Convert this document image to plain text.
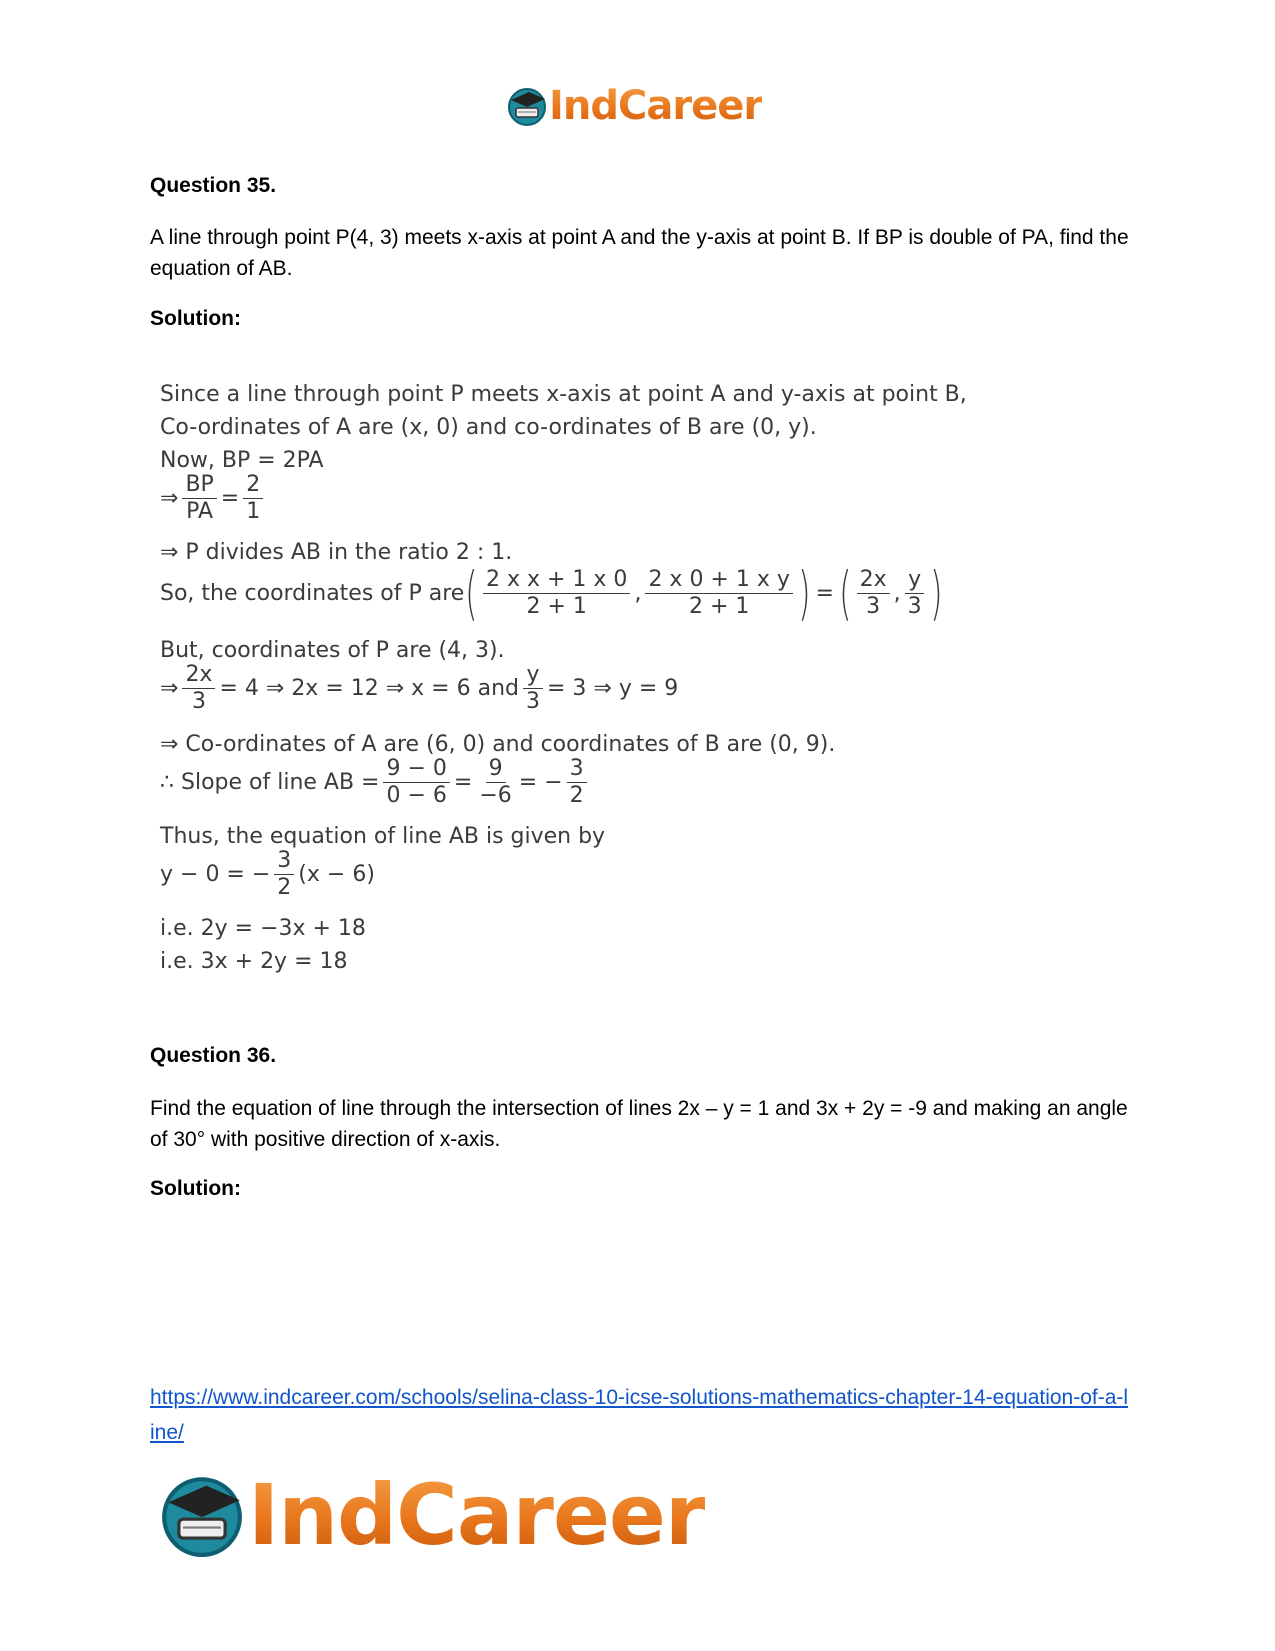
IndCareer

Question 35.

A line through point P(4, 3) meets x-axis at point A and the y-axis at point B. If BP is double of PA, find the equation of AB.

Solution:

Since a line through point P meets x-axis at point A and y-axis at point B,
Co-ordinates of A are (x, 0) and co-ordinates of B are (0, y).
Now, BP = 2PA
⇒ $\frac{BP}{PA} = \frac{2}{1}$
⇒ P divides AB in the ratio 2 : 1.
So, the coordinates of P are ( $\frac{\text{2 x x + 1 x 0}}{2 + 1}$ , $\frac{\text{2 x 0 + 1 x y}}{2 + 1}$ ) = ( $\frac{2x}{3}$ , $\frac{y}{3}$ )
But, coordinates of P are (4, 3).
⇒ $\frac{2x}{3} = 4$ ⇒ 2x = 12 ⇒ x = 6 and $\frac{y}{3} = 3$ ⇒ y = 9
⇒ Co-ordinates of A are (6, 0) and coordinates of B are (0, 9).
∴ Slope of line AB = $\frac{9 - 0}{0 - 6} = \frac{9}{-6}$ = − $\frac{3}{2}$
Thus, the equation of line AB is given by
y − 0 = − $\frac{3}{2} (x - 6)$
i.e. 2y = −3x + 18
i.e. 3x + 2y = 18

Question 36.

Find the equation of line through the intersection of lines 2x – y = 1 and 3x + 2y = -9 and making an angle of 30° with positive direction of x-axis.

Solution:

https://www.indcareer.com/schools/selina-class-10-icse-solutions-mathematics-chapter-14-equation-of-a-line/
IndCareer
